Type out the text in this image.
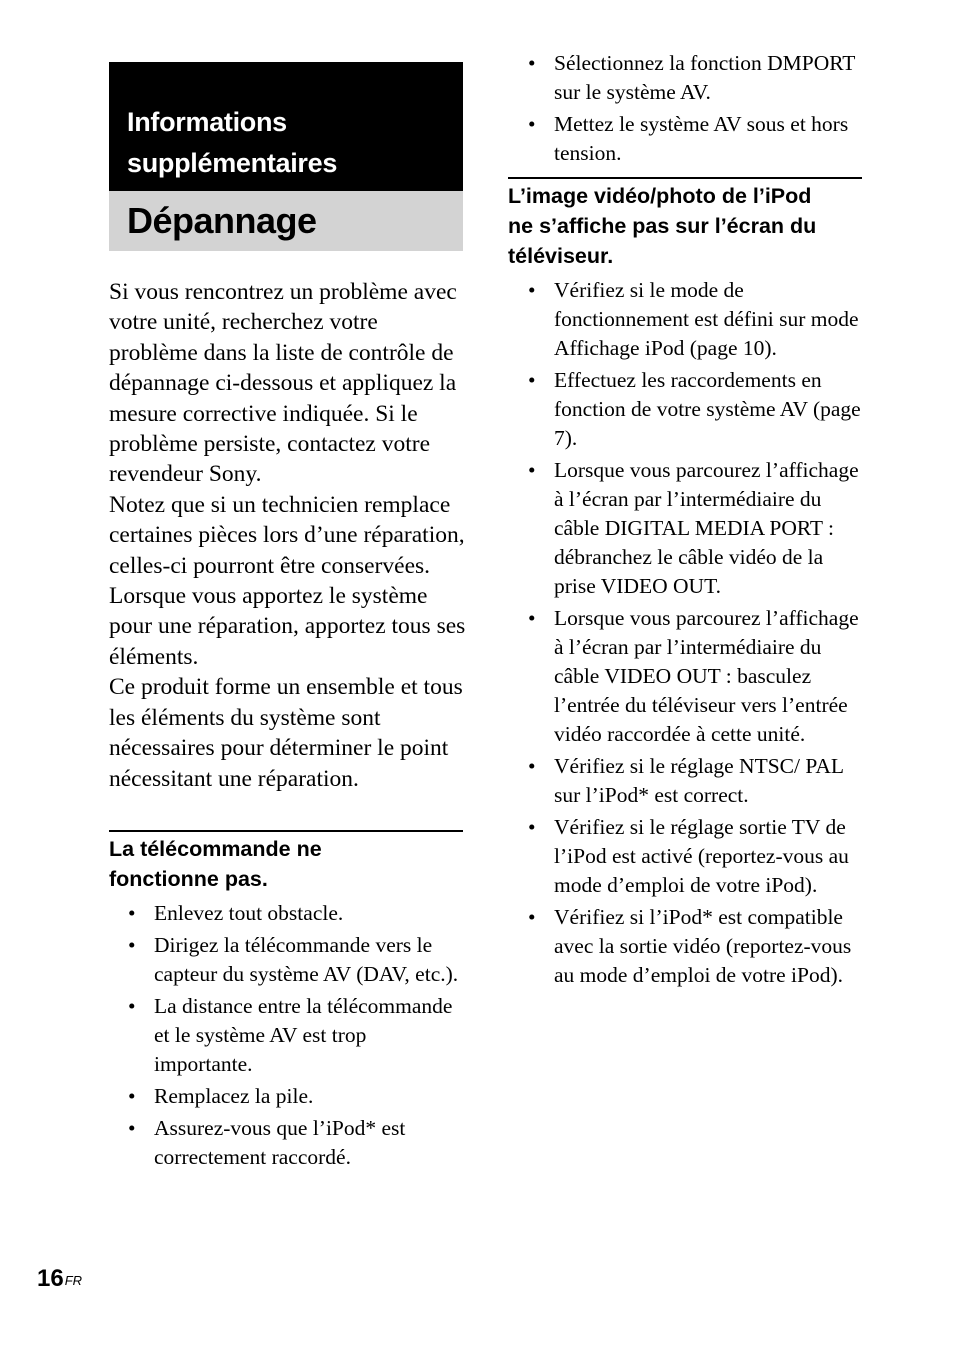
Informations
supplémentaires
Dépannage

Si vous rencontrez un problème avec votre unité, recherchez votre problème dans la liste de contrôle de dépannage ci-dessous et appliquez la mesure corrective indiquée. Si le problème persiste, contactez votre revendeur Sony.

Notez que si un technicien remplace certaines pièces lors d’une réparation, celles-ci pourront être conservées.

Lorsque vous apportez le système pour une réparation, apportez tous ses éléments.

Ce produit forme un ensemble et tous les éléments du système sont nécessaires pour déterminer le point nécessitant une réparation.

La télécommande ne
fonctionne pas.
• Enlevez tout obstacle.
• Dirigez la télécommande vers le capteur du système AV (DAV, etc.).
• La distance entre la télécommande et le système AV est trop importante.
• Remplacez la pile.
• Assurez-vous que l’iPod* est correctement raccordé.
• Sélectionnez la fonction DMPORT sur le système AV.
• Mettez le système AV sous et hors tension.
L’image vidéo/photo de l’iPod
ne s’affiche pas sur l’écran du
téléviseur.
• Vérifiez si le mode de fonctionnement est défini sur mode Affichage iPod (page 10).
• Effectuez les raccordements en fonction de votre système AV (page 7).
• Lorsque vous parcourez l’affichage à l’écran par l’intermédiaire du câble DIGITAL MEDIA PORT : débranchez le câble vidéo de la prise VIDEO OUT.
• Lorsque vous parcourez l’affichage à l’écran par l’intermédiaire du câble VIDEO OUT : basculez l’entrée du téléviseur vers l’entrée vidéo raccordée à cette unité.
• Vérifiez si le réglage NTSC/ PAL sur l’iPod* est correct.
• Vérifiez si le réglage sortie TV de l’iPod est activé (reportez-vous au mode d’emploi de votre iPod).
• Vérifiez si l’iPod* est compatible avec la sortie vidéo (reportez-vous au mode d’emploi de votre iPod).
$16^{FR}$
